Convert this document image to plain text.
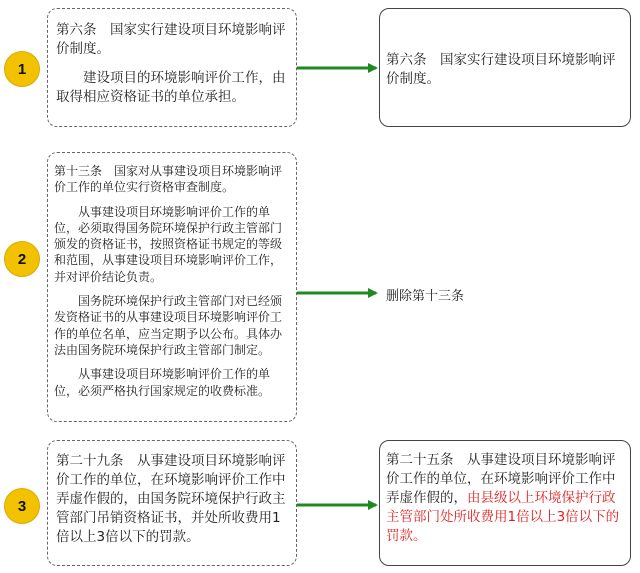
1

第六条　国家实行建设项目环境影响评价制度。

建设项目的环境影响评价工作，由取得相应资格证书的单位承担。

第六条　国家实行建设项目环境影响评价制度。

2

第十三条　国家对从事建设项目环境影响评价工作的单位实行资格审查制度。

从事建设项目环境影响评价工作的单位，必须取得国务院环境保护行政主管部门颁发的资格证书，按照资格证书规定的等级和范围，从事建设项目环境影响评价工作，并对评价结论负责。

国务院环境保护行政主管部门对已经颁发资格证书的从事建设项目环境影响评价工作的单位名单，应当定期予以公布。具体办法由国务院环境保护行政主管部门制定。

从事建设项目环境影响评价工作的单位，必须严格执行国家规定的收费标准。

删除第十三条
3

第二十九条　从事建设项目环境影响评价工作的单位，在环境影响评价工作中弄虚作假的，由国务院环境保护行政主管部门吊销资格证书，并处所收费用1倍以上3倍以下的罚款。

第二十五条　从事建设项目环境影响评价工作的单位，在环境影响评价工作中弄虚作假的，由县级以上环境保护行政主管部门处所收费用1倍以上3倍以下的罚款。
